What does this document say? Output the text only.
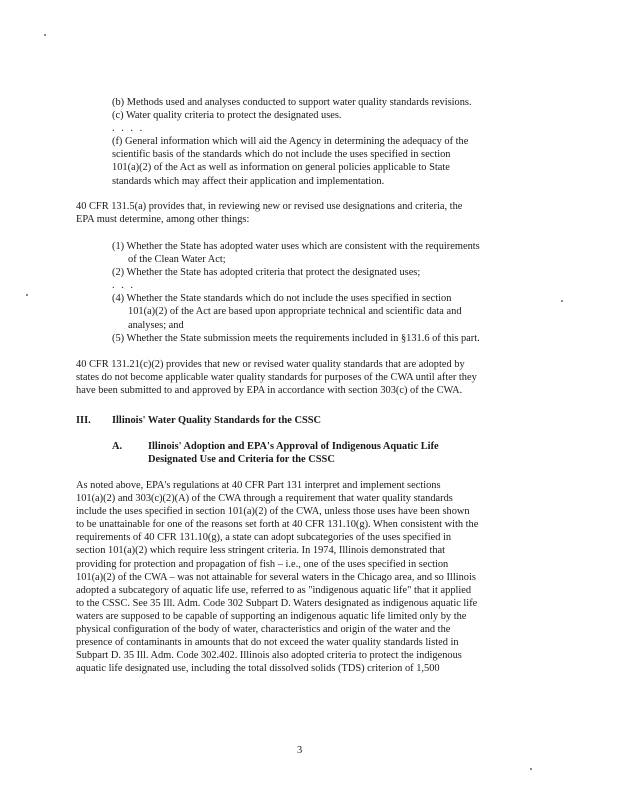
(b) Methods used and analyses conducted to support water quality standards revisions.

(c) Water quality criteria to protect the designated uses.

. . . .

(f) General information which will aid the Agency in determining the adequacy of the

scientific basis of the standards which do not include the uses specified in section

101(a)(2) of the Act as well as information on general policies applicable to State

standards which may affect their application and implementation.

40 CFR 131.5(a) provides that, in reviewing new or revised use designations and criteria, the

EPA must determine, among other things:

(1) Whether the State has adopted water uses which are consistent with the requirements

of the Clean Water Act;

(2) Whether the State has adopted criteria that protect the designated uses;

. . .

(4) Whether the State standards which do not include the uses specified in section

101(a)(2) of the Act are based upon appropriate technical and scientific data and

analyses; and

(5) Whether the State submission meets the requirements included in §131.6 of this part.

40 CFR 131.21(c)(2) provides that new or revised water quality standards that are adopted by

states do not become applicable water quality standards for purposes of the CWA until after they

have been submitted to and approved by EPA in accordance with section 303(c) of the CWA.

III. Illinois' Water Quality Standards for the CSSC
A. Illinois' Adoption and EPA's Approval of Indigenous Aquatic Life
Designated Use and Criteria for the CSSC

As noted above, EPA's regulations at 40 CFR Part 131 interpret and implement sections

101(a)(2) and 303(c)(2)(A) of the CWA through a requirement that water quality standards

include the uses specified in section 101(a)(2) of the CWA, unless those uses have been shown

to be unattainable for one of the reasons set forth at 40 CFR 131.10(g). When consistent with the

requirements of 40 CFR 131.10(g), a state can adopt subcategories of the uses specified in

section 101(a)(2) which require less stringent criteria. In 1974, Illinois demonstrated that

providing for protection and propagation of fish – i.e., one of the uses specified in section

101(a)(2) of the CWA – was not attainable for several waters in the Chicago area, and so Illinois

adopted a subcategory of aquatic life use, referred to as "indigenous aquatic life" that it applied

to the CSSC. See 35 Ill. Adm. Code 302 Subpart D. Waters designated as indigenous aquatic life

waters are supposed to be capable of supporting an indigenous aquatic life limited only by the

physical configuration of the body of water, characteristics and origin of the water and the

presence of contaminants in amounts that do not exceed the water quality standards listed in

Subpart D. 35 Ill. Adm. Code 302.402. Illinois also adopted criteria to protect the indigenous

aquatic life designated use, including the total dissolved solids (TDS) criterion of 1,500

3
